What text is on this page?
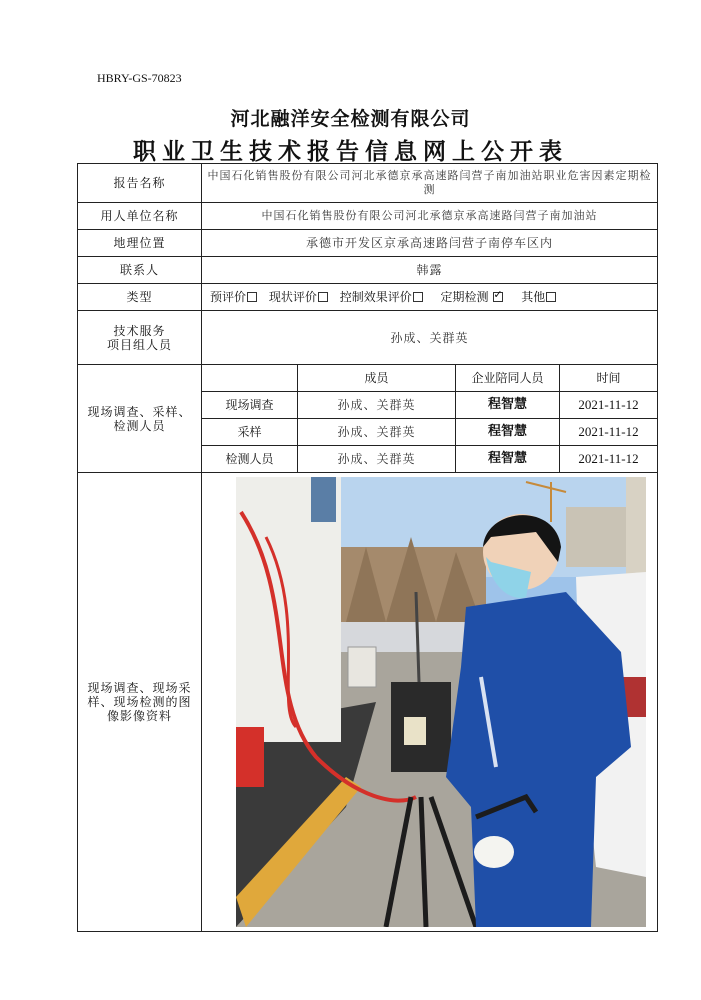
HBRY-GS-70823
河北融洋安全检测有限公司
职业卫生技术报告信息网上公开表
报告名称	中国石化销售股份有限公司河北承德京承高速路闫营子南加油站职业危害因素定期检测			
用人单位名称	中国石化销售股份有限公司河北承德京承高速路闫营子南加油站			
地理位置	承德市开发区京承高速路闫营子南停车区内			
联系人	韩露			
类型	预评价 现状评价 控制效果评价 定期检测 ✓ 其他
技术服务
项目组人员	孙成、关群英			
现场调查、采样、
检测人员		成员	企业陪同人员	时间
	现场调查	孙成、关群英	程智慧	2021-11-12
	采样	孙成、关群英	程智慧	2021-11-12
	检测人员	孙成、关群英	程智慧	2021-11-12
现场调查、现场采
样、现场检测的图
像影像资料	
